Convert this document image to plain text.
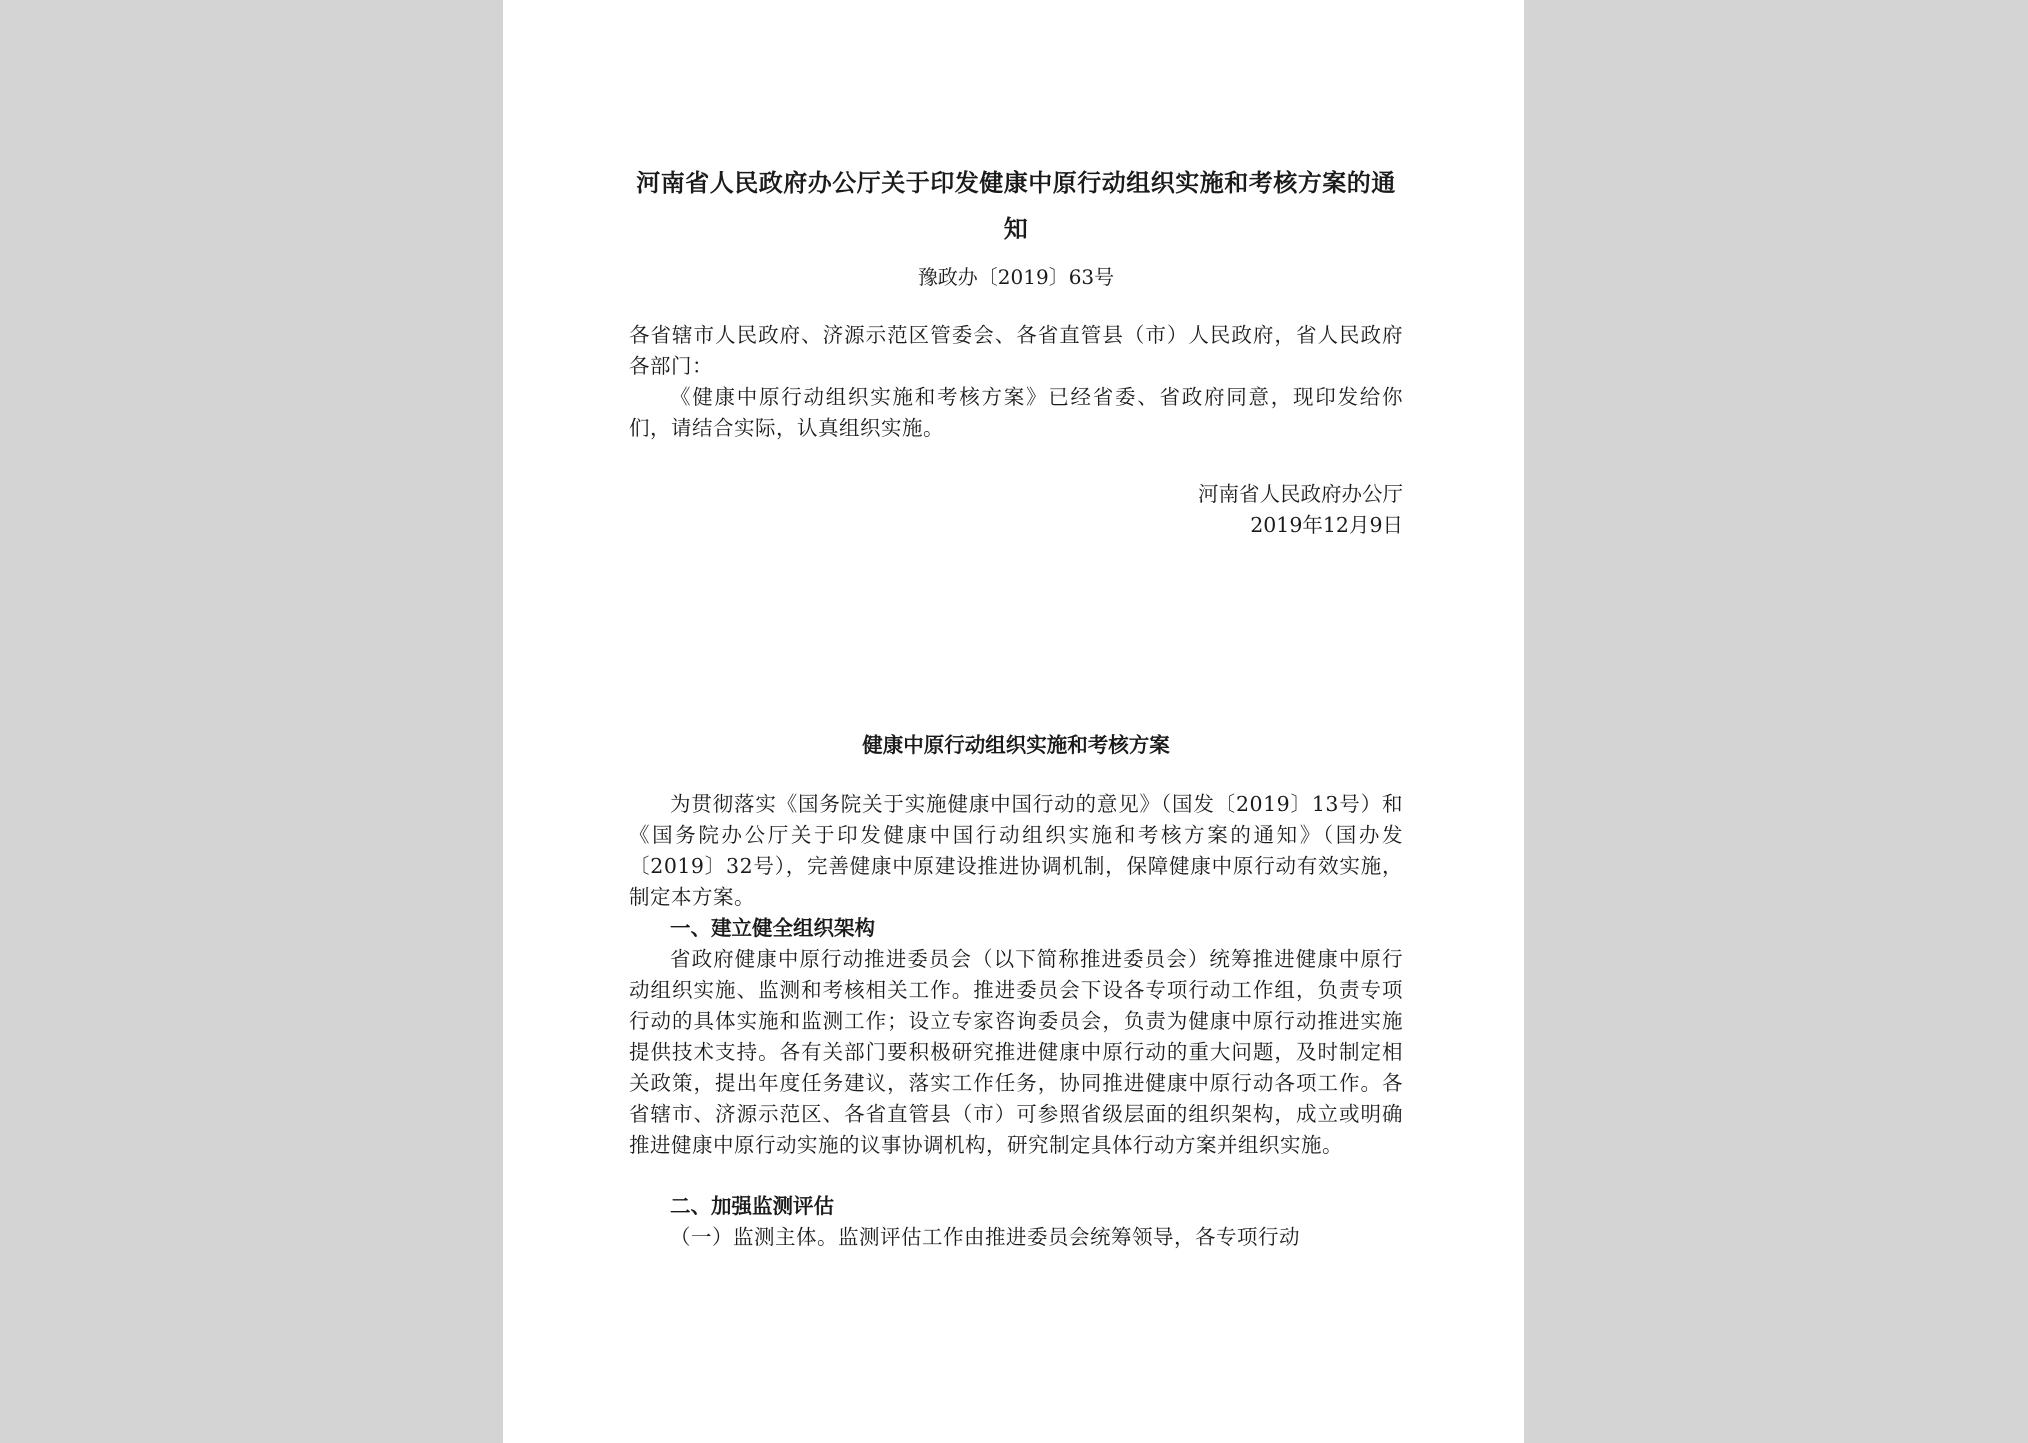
河南省人民政府办公厅关于印发健康中原行动组织实施和考核方案的通知

豫政办〔2019〕63号

各省辖市人民政府、济源示范区管委会、各省直管县（市）人民政府，省人民政府各部门：

《健康中原行动组织实施和考核方案》已经省委、省政府同意，现印发给你们，请结合实际，认真组织实施。

河南省人民政府办公厅

2019年12月9日

健康中原行动组织实施和考核方案

为贯彻落实《国务院关于实施健康中国行动的意见》（国发〔2019〕13号）和《国务院办公厅关于印发健康中国行动组织实施和考核方案的通知》（国办发〔2019〕32号），完善健康中原建设推进协调机制，保障健康中原行动有效实施，制定本方案。

一、建立健全组织架构

省政府健康中原行动推进委员会（以下简称推进委员会）统筹推进健康中原行动组织实施、监测和考核相关工作。推进委员会下设各专项行动工作组，负责专项行动的具体实施和监测工作；设立专家咨询委员会，负责为健康中原行动推进实施提供技术支持。各有关部门要积极研究推进健康中原行动的重大问题，及时制定相关政策，提出年度任务建议，落实工作任务，协同推进健康中原行动各项工作。各省辖市、济源示范区、各省直管县（市）可参照省级层面的组织架构，成立或明确推进健康中原行动实施的议事协调机构，研究制定具体行动方案并组织实施。

二、加强监测评估

（一）监测主体。监测评估工作由推进委员会统筹领导，各专项行动
